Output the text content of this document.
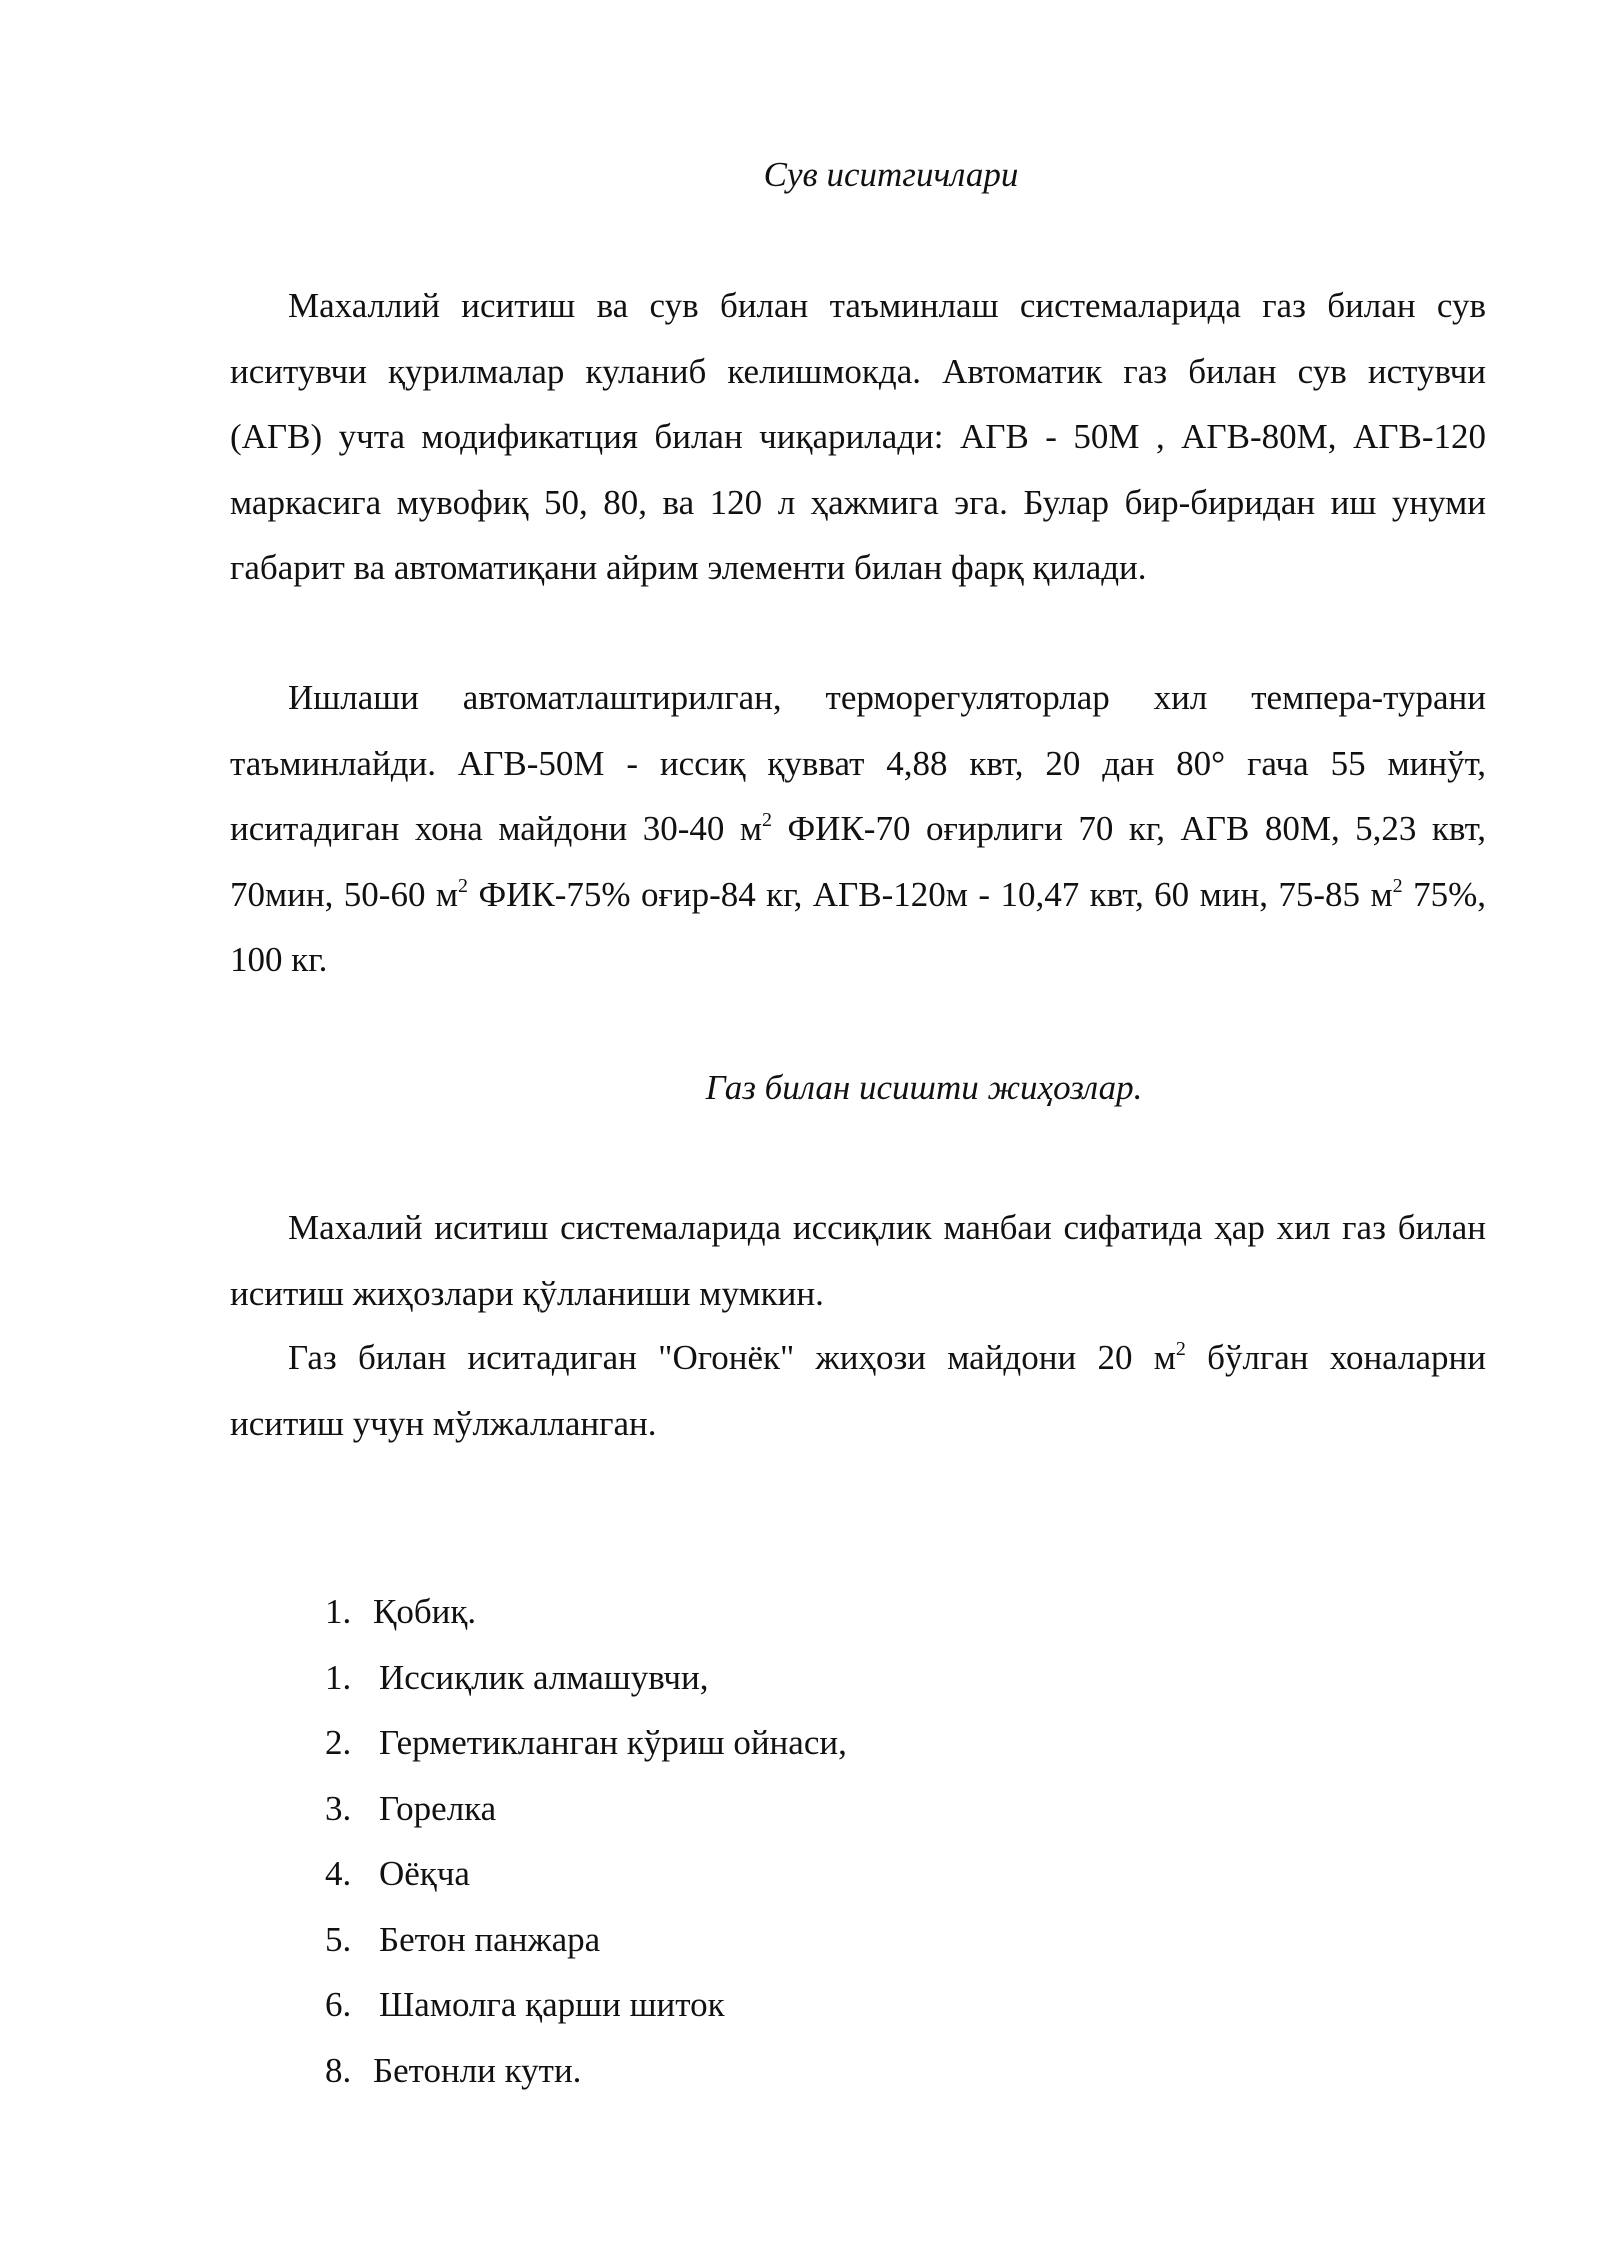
Сув иситгичлари

Махаллий иситиш ва сув билан таъминлаш системаларида газ билан сув иситувчи қурилмалар куланиб келишмокда. Автоматик газ билан сув истувчи (АГВ) учта модификатция билан чиқарилади: АГВ - 50М , АГВ-80М, АГВ-120 маркасига мувофиқ 50, 80, ва 120 л ҳажмига эга. Булар бир-биридан иш унуми габарит ва автоматиқани айрим элементи билан фарқ қилади.

Ишлаши автоматлаштирилган, терморегуляторлар хил темпера-турани таъминлайди. АГВ-50М - иссиқ қувват 4,88 квт, 20 дан 80° гача 55 минўт, иситадиган хона майдони 30-40 $м^2$ ФИК-70 оғирлиги 70 кг, АГВ 80М, 5,23 квт, 70мин, 50-60 $м^2$ ФИК-75% оғир-84 кг, АГВ-120м - 10,47 квт, 60 мин, 75-85 $м^2$ 75%, 100 кг.

Газ билан исишти жиҳозлар.

Махалий иситиш системаларида иссиқлик манбаи сифатида ҳар хил газ билан иситиш жиҳозлари қўлланиши мумкин.

Газ билан иситадиган "Огонёк" жиҳози майдони 20 $м^2$ бўлган хоналарни иситиш учун мўлжалланган.

1. Қобиқ.
1. Иссиқлик алмашувчи,
2. Герметикланган кўриш ойнаси,
3. Горелка
4. Оёқча
5. Бетон панжара
6. Шамолга қарши шиток
8. Бетонли кути.
